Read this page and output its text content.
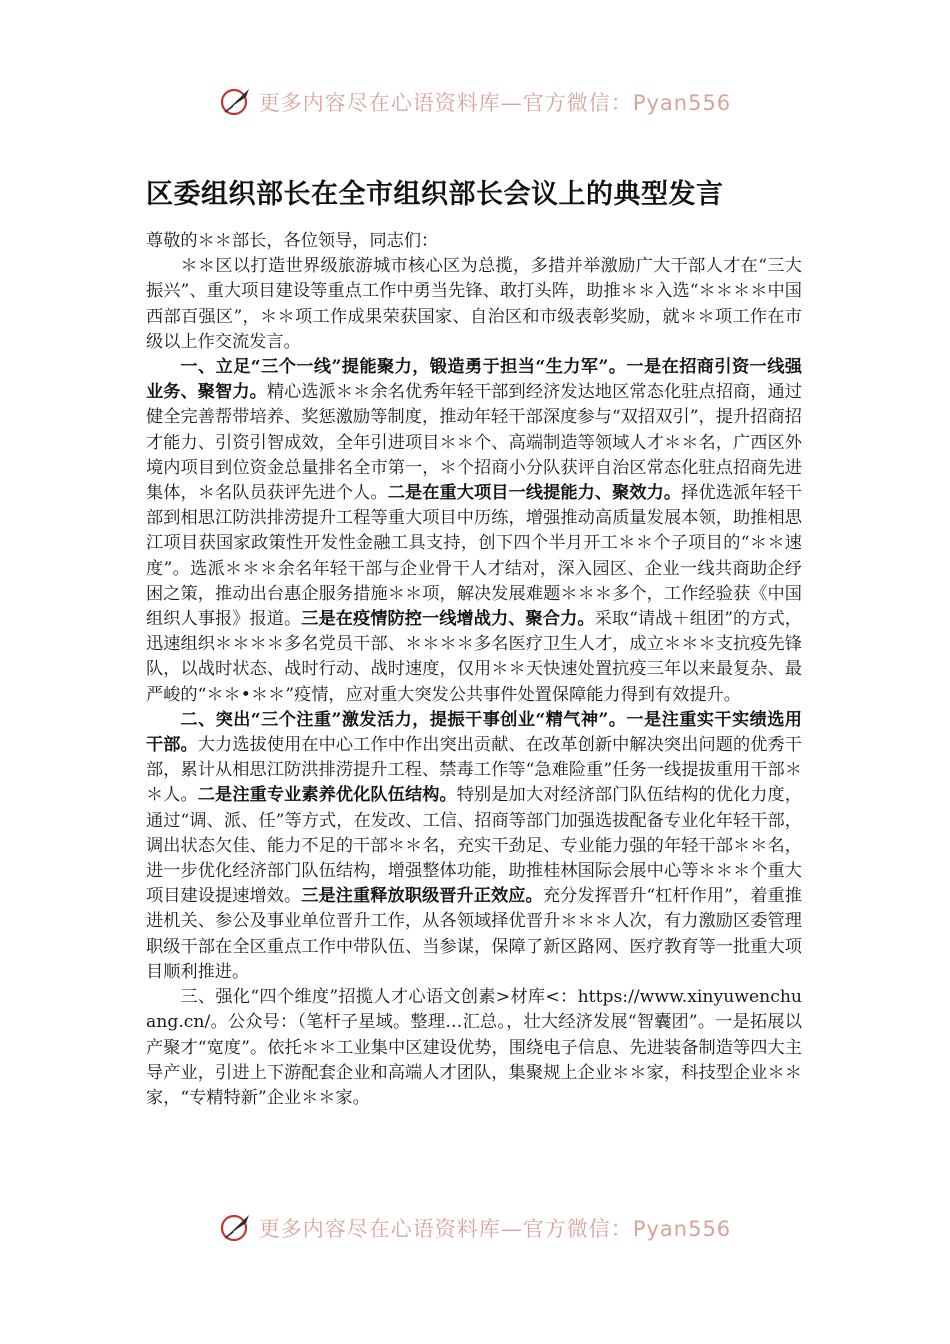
更多内容尽在心语资料库—官方微信：Pyan556
区委组织部长在全市组织部长会议上的典型发言

尊敬的＊＊部长，各位领导，同志们：

＊＊区以打造世界级旅游城市核心区为总揽，多措并举激励广大干部人才在“三大振兴”、重大项目建设等重点工作中勇当先锋、敢打头阵，助推＊＊入选“＊＊＊＊中国西部百强区”，＊＊项工作成果荣获国家、自治区和市级表彰奖励，就＊＊项工作在市级以上作交流发言。

一、立足“三个一线”提能聚力，锻造勇于担当“生力军”。一是在招商引资一线强业务、聚智力。精心选派＊＊余名优秀年轻干部到经济发达地区常态化驻点招商，通过健全完善帮带培养、奖惩激励等制度，推动年轻干部深度参与“双招双引”，提升招商招才能力、引资引智成效，全年引进项目＊＊个、高端制造等领域人才＊＊名，广西区外境内项目到位资金总量排名全市第一，＊个招商小分队获评自治区常态化驻点招商先进集体，＊名队员获评先进个人。二是在重大项目一线提能力、聚效力。择优选派年轻干部到相思江防洪排涝提升工程等重大项目中历练，增强推动高质量发展本领，助推相思江项目获国家政策性开发性金融工具支持，创下四个半月开工＊＊个子项目的“＊＊速度”。选派＊＊＊余名年轻干部与企业骨干人才结对，深入园区、企业一线共商助企纾困之策，推动出台惠企服务措施＊＊项，解决发展难题＊＊＊多个，工作经验获《中国组织人事报》报道。三是在疫情防控一线增战力、聚合力。采取“请战＋组团”的方式，迅速组织＊＊＊＊多名党员干部、＊＊＊＊多名医疗卫生人才，成立＊＊＊支抗疫先锋队，以战时状态、战时行动、战时速度，仅用＊＊天快速处置抗疫三年以来最复杂、最严峻的“＊＊•＊＊”疫情，应对重大突发公共事件处置保障能力得到有效提升。

二、突出“三个注重”激发活力，提振干事创业“精气神”。一是注重实干实绩选用干部。大力选拔使用在中心工作中作出突出贡献、在改革创新中解决突出问题的优秀干部，累计从相思江防洪排涝提升工程、禁毒工作等“急难险重”任务一线提拔重用干部＊＊人。二是注重专业素养优化队伍结构。特别是加大对经济部门队伍结构的优化力度，通过“调、派、任”等方式，在发改、工信、招商等部门加强选拔配备专业化年轻干部，调出状态欠佳、能力不足的干部＊＊名，充实干劲足、专业能力强的年轻干部＊＊名，进一步优化经济部门队伍结构，增强整体功能，助推桂林国际会展中心等＊＊＊个重大项目建设提速增效。三是注重释放职级晋升正效应。充分发挥晋升“杠杆作用”，着重推进机关、参公及事业单位晋升工作，从各领域择优晋升＊＊＊人次，有力激励区委管理职级干部在全区重点工作中带队伍、当参谋，保障了新区路网、医疗教育等一批重大项目顺利推进。

三、强化“四个维度”招揽人才心语文创素>材库<：https://www.xinyuwenchuang.cn/。公众号：（笔杆子星域。整理…汇总。，壮大经济发展“智囊团”。一是拓展以产聚才“宽度”。依托＊＊工业集中区建设优势，围绕电子信息、先进装备制造等四大主导产业，引进上下游配套企业和高端人才团队，集聚规上企业＊＊家，科技型企业＊＊家，“专精特新”企业＊＊家。

更多内容尽在心语资料库—官方微信：Pyan556
